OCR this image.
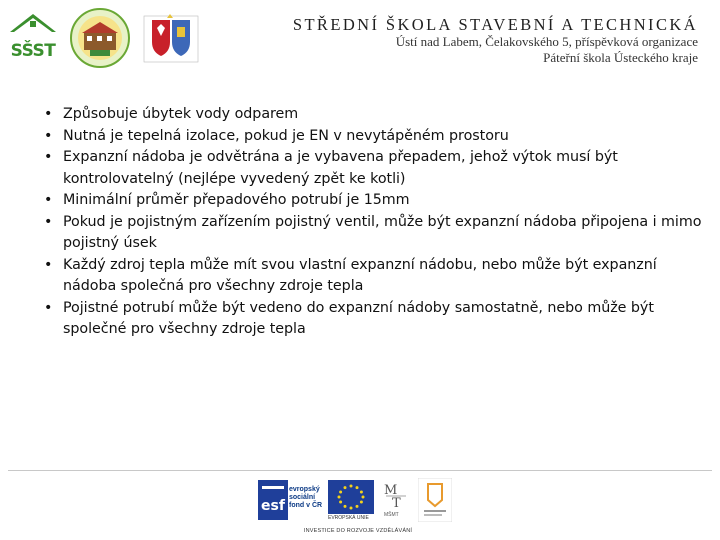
SŠST
STŘEDNÍ ŠKOLA STAVEBNÍ A TECHNICKÁ
Ústí nad Labem, Čelakovského 5, příspěvková organizace
Páteřní škola Ústeckého kraje
• Způsobuje úbytek vody odparem
• Nutná je tepelná izolace, pokud je EN v nevytápěném prostoru
• Expanzní nádoba je odvětrána a je vybavena přepadem, jehož výtok musí být kontrolovatelný (nejlépe vyvedený zpět ke kotli)
• Minimální průměr přepadového potrubí je 15mm
• Pokud je pojistným zařízením pojistný ventil, může být expanzní nádoba připojena i mimo pojistný úsek
• Každý zdroj tepla může mít svou vlastní expanzní nádobu, nebo může být expanzní nádoba společná pro všechny zdroje tepla
• Pojistné potrubí může být vedeno do expanzní nádoby samostatně, nebo může být společné pro všechny zdroje tepla
esf
evropský sociální fond v ČR
EVROPSKÁ UNIE
M
T
MŠMT
INVESTICE DO ROZVOJE VZDĚLÁVÁNÍ
